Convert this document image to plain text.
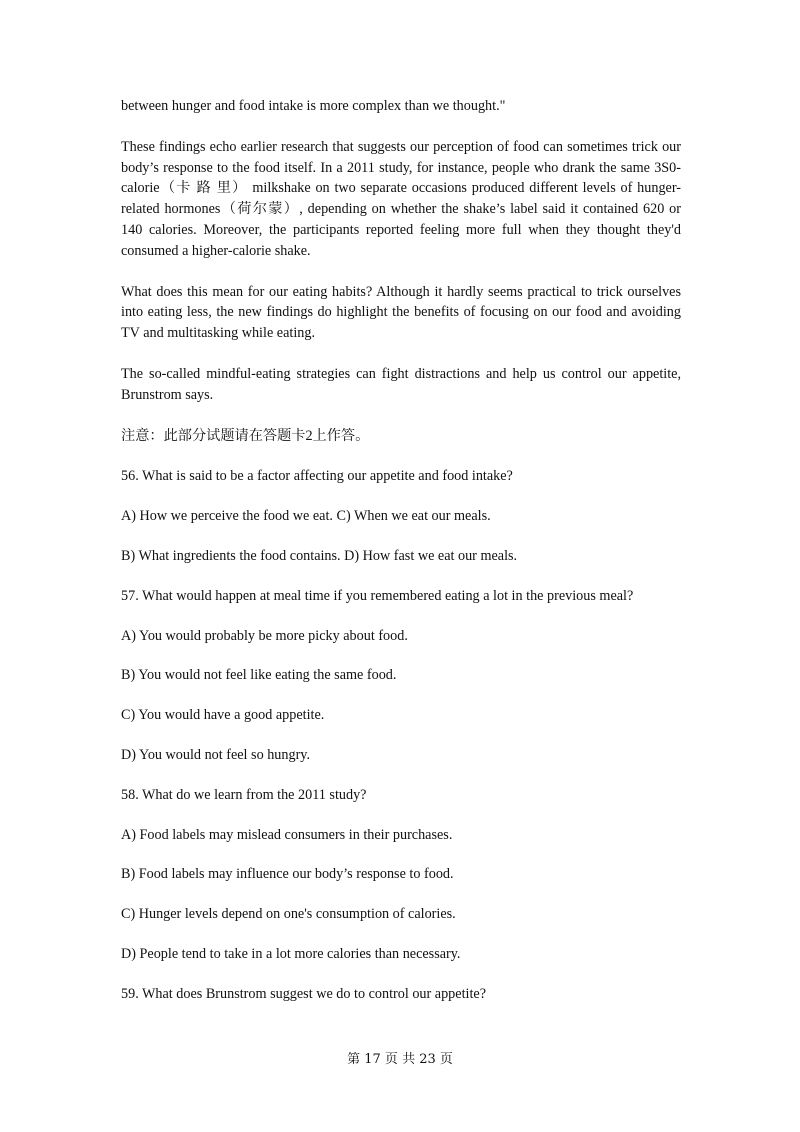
between hunger and food intake is more complex than we thought."

These findings echo earlier research that suggests our perception of food can sometimes trick our body’s response to the food itself. In a 2011 study, for instance, people who drank the same 3S0-calorie（卡 路 里） milkshake on two separate occasions produced different levels of hunger-related hormones（荷尔蒙）, depending on whether the shake’s label said it contained 620 or 140 calories. Moreover, the participants reported feeling more full when they thought they'd consumed a higher-calorie shake.

What does this mean for our eating habits? Although it hardly seems practical to trick ourselves into eating less, the new findings do highlight the benefits of focusing on our food and avoiding TV and multitasking while eating.

The so-called mindful-eating strategies can fight distractions and help us control our appetite, Brunstrom says.

注意：此部分试题请在答题卡2上作答。

56. What is said to be a factor affecting our appetite and food intake?

A) How we perceive the food we eat. C) When we eat our meals.

B) What ingredients the food contains. D) How fast we eat our meals.

57. What would happen at meal time if you remembered eating a lot in the previous meal?

A) You would probably be more picky about food.

B) You would not feel like eating the same food.

C) You would have a good appetite.

D) You would not feel so hungry.

58. What do we learn from the 2011 study?

A) Food labels may mislead consumers in their purchases.

B) Food labels may influence our body’s response to food.

C) Hunger levels depend on one's consumption of calories.

D) People tend to take in a lot more calories than necessary.

59. What does Brunstrom suggest we do to control our appetite?

第 17 页 共 23 页
